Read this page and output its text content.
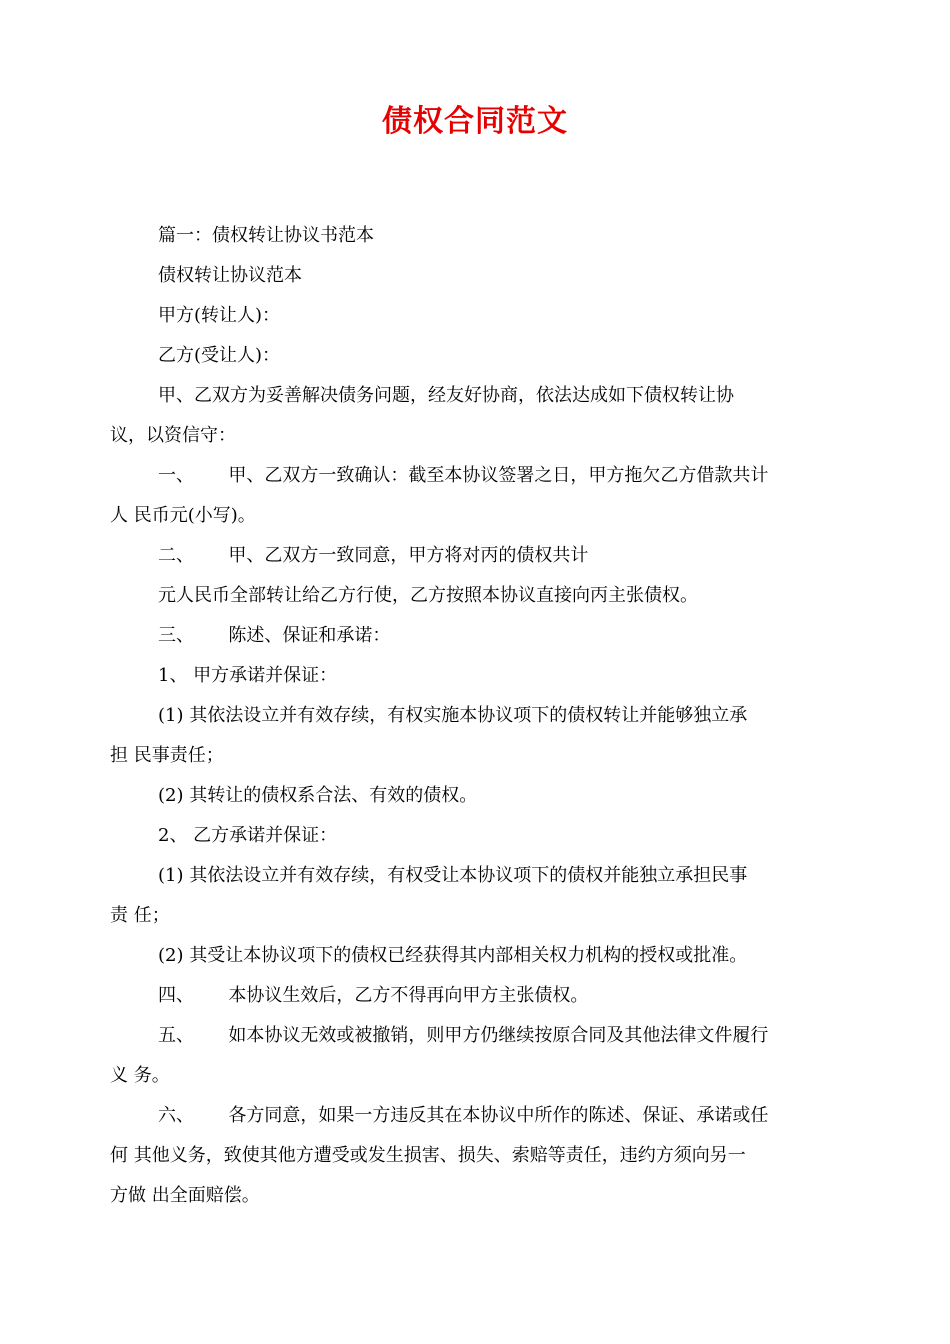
债权合同范文
篇一：债权转让协议书范本
债权转让协议范本
甲方(转让人)：
乙方(受让人)：
甲、乙双方为妥善解决债务问题，经友好协商，依法达成如下债权转让协
议，以资信守：
一、      甲、乙双方一致确认：截至本协议签署之日，甲方拖欠乙方借款共计
人 民币元(小写)。
二、      甲、乙双方一致同意，甲方将对丙的债权共计
元人民币全部转让给乙方行使，乙方按照本协议直接向丙主张债权。
三、      陈述、保证和承诺：
1、 甲方承诺并保证：
(1) 其依法设立并有效存续，有权实施本协议项下的债权转让并能够独立承
担 民事责任；
(2) 其转让的债权系合法、有效的债权。
2、 乙方承诺并保证：
(1) 其依法设立并有效存续，有权受让本协议项下的债权并能独立承担民事
责 任；
(2) 其受让本协议项下的债权已经获得其内部相关权力机构的授权或批准。
四、      本协议生效后，乙方不得再向甲方主张债权。
五、      如本协议无效或被撤销，则甲方仍继续按原合同及其他法律文件履行
义 务。
六、      各方同意，如果一方违反其在本协议中所作的陈述、保证、承诺或任
何 其他义务，致使其他方遭受或发生损害、损失、索赔等责任，违约方须向另一
方做 出全面赔偿。
